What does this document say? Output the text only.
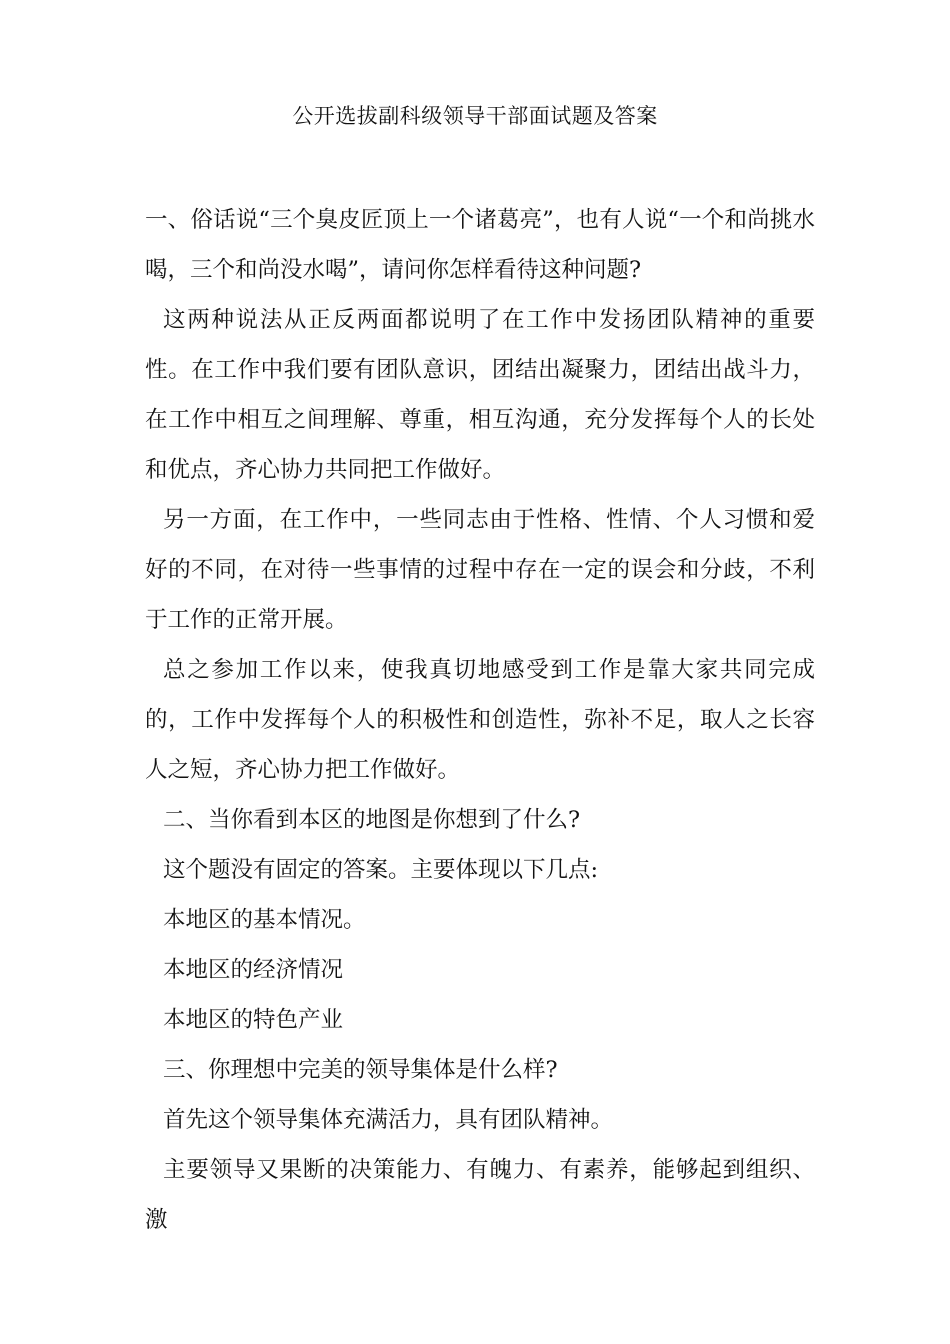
公开选拔副科级领导干部面试题及答案

一、俗话说“三个臭皮匠顶上一个诸葛亮”，也有人说“一个和尚挑水喝，三个和尚没水喝”，请问你怎样看待这种问题?

这两种说法从正反两面都说明了在工作中发扬团队精神的重要性。在工作中我们要有团队意识，团结出凝聚力，团结出战斗力，在工作中相互之间理解、尊重，相互沟通，充分发挥每个人的长处和优点，齐心协力共同把工作做好。

另一方面，在工作中，一些同志由于性格、性情、个人习惯和爱好的不同，在对待一些事情的过程中存在一定的误会和分歧，不利于工作的正常开展。

总之参加工作以来，使我真切地感受到工作是靠大家共同完成的，工作中发挥每个人的积极性和创造性，弥补不足，取人之长容人之短，齐心协力把工作做好。

二、当你看到本区的地图是你想到了什么?

这个题没有固定的答案。主要体现以下几点:

本地区的基本情况。

本地区的经济情况

本地区的特色产业

三、你理想中完美的领导集体是什么样?

首先这个领导集体充满活力，具有团队精神。

主要领导又果断的决策能力、有魄力、有素养，能够起到组织、激
